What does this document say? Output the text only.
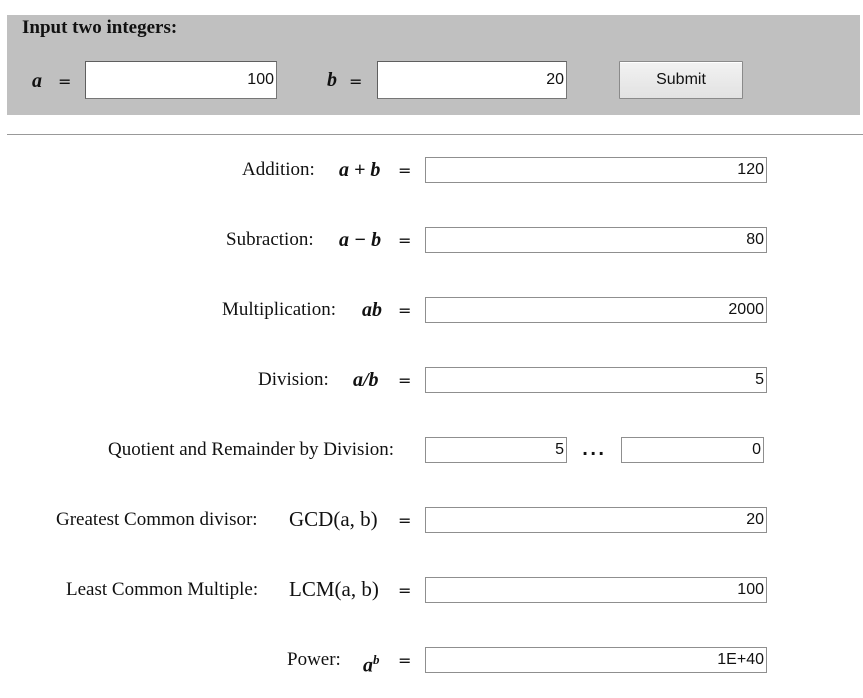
Input two integers:
a =
100	b =
20	Submit
Addition: a + b =
120
Subraction: a − b =
80
Multiplication: ab =
2000
Division: a/b =
5
Quotient and Remainder by Division:
5	...
0
Greatest Common divisor: GCD(a, b) =
20
Least Common Multiple: LCM(a, b) =
100
Power: $a^b$ =
1E+40
